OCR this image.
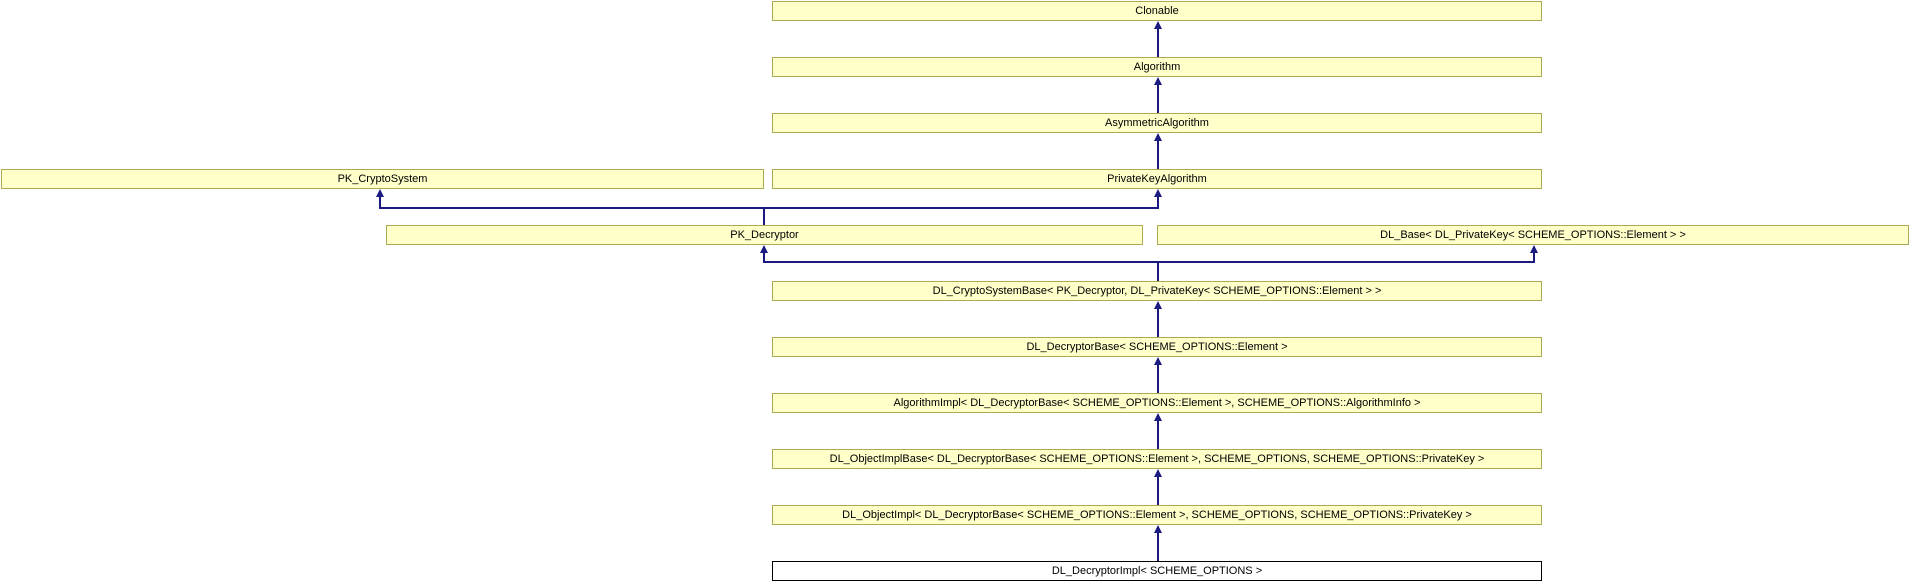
Clonable
Algorithm
AsymmetricAlgorithm
PK_CryptoSystem	PrivateKeyAlgorithm
PK_Decryptor	DL_Base< DL_PrivateKey< SCHEME_OPTIONS::Element > >
DL_CryptoSystemBase< PK_Decryptor, DL_PrivateKey< SCHEME_OPTIONS::Element > >
DL_DecryptorBase< SCHEME_OPTIONS::Element >
AlgorithmImpl< DL_DecryptorBase< SCHEME_OPTIONS::Element >, SCHEME_OPTIONS::AlgorithmInfo >
DL_ObjectImplBase< DL_DecryptorBase< SCHEME_OPTIONS::Element >, SCHEME_OPTIONS, SCHEME_OPTIONS::PrivateKey >
DL_ObjectImpl< DL_DecryptorBase< SCHEME_OPTIONS::Element >, SCHEME_OPTIONS, SCHEME_OPTIONS::PrivateKey >
DL_DecryptorImpl< SCHEME_OPTIONS >
